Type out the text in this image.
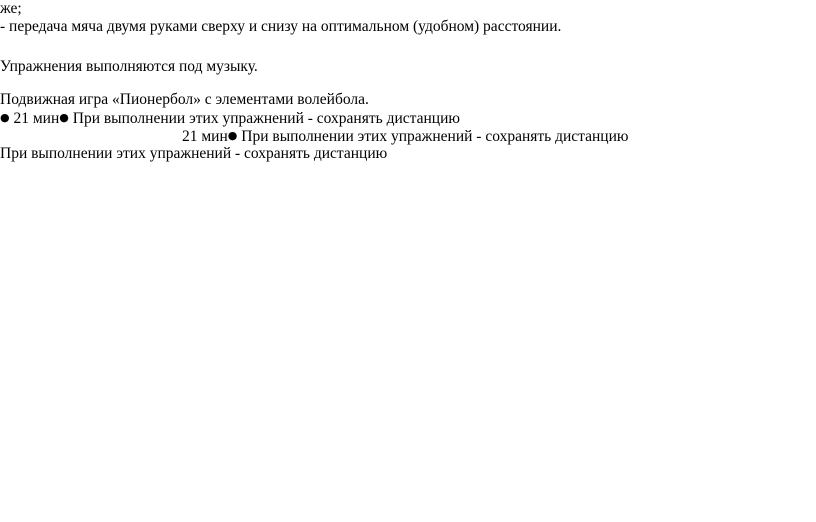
же;
- передача мяча двумя руками сверху и снизу на оптимальном (удобном) расстоянии.
Упражнения выполняются под музыку.
Подвижная игра «Пионербол» с элементами волейбола.
● 21 мин● При выполнении этих упражнений - сохранять дистанцию
21 мин● При выполнении этих упражнений - сохранять дистанцию
При выполнении этих упражнений - сохранять дистанцию
